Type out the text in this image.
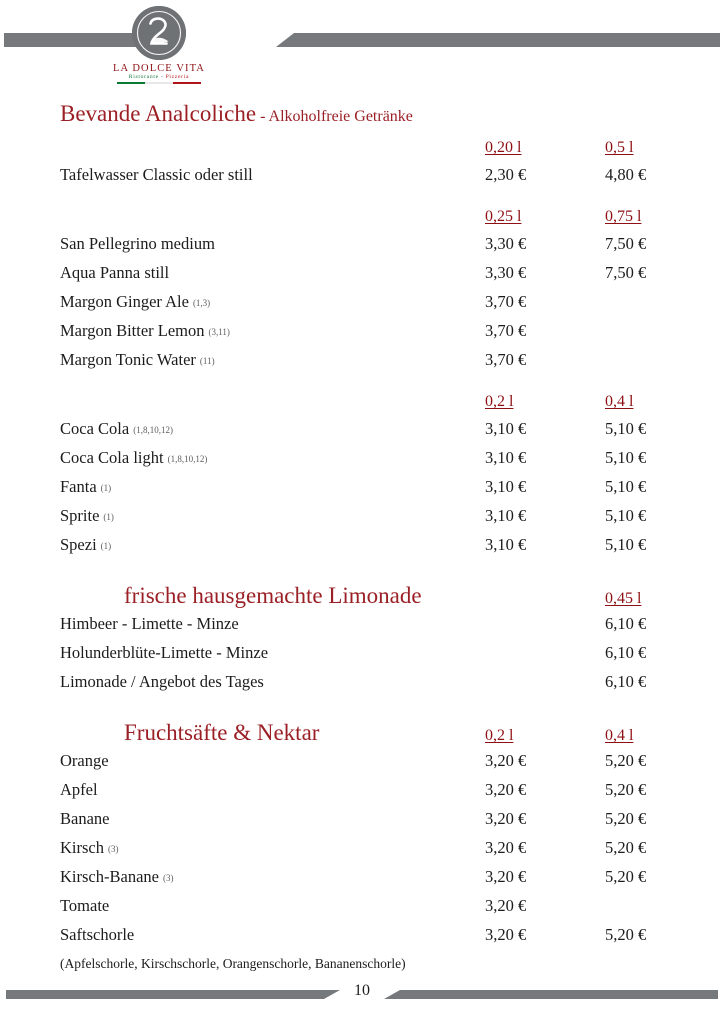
LA DOLCE VITA
Ristorante - Pizzeria
Bevande Analcoliche - Alkoholfreie Getränke
0,20 l	0,5 l
Tafelwasser Classic oder still	2,30 €	4,80 €
0,25 l	0,75 l
San Pellegrino medium	3,30 €	7,50 €
Aqua Panna still	3,30 €	7,50 €
Margon Ginger Ale (1,3)	3,70 €
Margon Bitter Lemon (3,11)	3,70 €
Margon Tonic Water (11)	3,70 €
0,2 l	0,4 l
Coca Cola (1,8,10,12)	3,10 €	5,10 €
Coca Cola light (1,8,10,12)	3,10 €	5,10 €
Fanta (1)	3,10 €	5,10 €
Sprite (1)	3,10 €	5,10 €
Spezi (1)	3,10 €	5,10 €
frische hausgemachte Limonade	0,45 l
Himbeer - Limette - Minze	6,10 €
Holunderblüte-Limette - Minze	6,10 €
Limonade / Angebot des Tages	6,10 €
Fruchtsäfte & Nektar	0,2 l	0,4 l
Orange	3,20 €	5,20 €
Apfel	3,20 €	5,20 €
Banane	3,20 €	5,20 €
Kirsch (3)	3,20 €	5,20 €
Kirsch-Banane (3)	3,20 €	5,20 €
Tomate	3,20 €
Saftschorle	3,20 €	5,20 €
(Apfelschorle, Kirschschorle, Orangenschorle, Bananenschorle)
10
